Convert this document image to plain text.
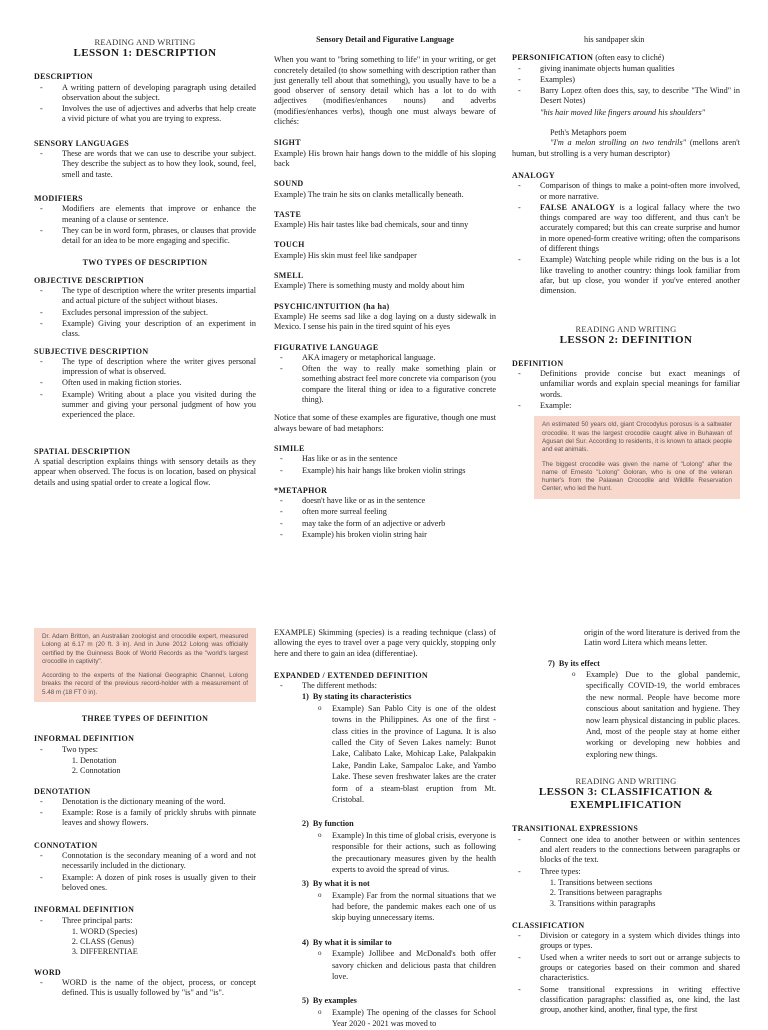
READING AND WRITING
LESSON 1: DESCRIPTION
DESCRIPTION
- A writing pattern of developing paragraph using detailed observation about the subject.
- Involves the use of adjectives and adverbs that help create a vivid picture of what you are trying to express.
SENSORY LANGUAGES
- These are words that we can use to describe your subject. They describe the subject as to how they look, sound, feel, smell and taste.
MODIFIERS
- Modifiers are elements that improve or enhance the meaning of a clause or sentence.
- They can be in word form, phrases, or clauses that provide detail for an idea to be more engaging and specific.
TWO TYPES OF DESCRIPTION
OBJECTIVE DESCRIPTION
- The type of description where the writer presents impartial and actual picture of the subject without biases.
- Excludes personal impression of the subject.
- Example) Giving your description of an experiment in class.
SUBJECTIVE DESCRIPTION
- The type of description where the writer gives personal impression of what is observed.
- Often used in making fiction stories.
- Example) Writing about a place you visited during the summer and giving your personal judgment of how you experienced the place.
SPATIAL DESCRIPTION

A spatial description explains things with sensory details as they appear when observed. The focus is on location, based on physical details and using spatial order to create a logical flow.

Sensory Detail and Figurative Language

When you want to "bring something to life" in your writing, or get concretely detailed (to show something with description rather than just generally tell about that something), you usually have to be a good observer of sensory detail which has a lot to do with adjectives (modifies/enhances nouns) and adverbs (modifies/enhances verbs), though one must always beware of clichés:

SIGHT

Example) His brown hair hangs down to the middle of his sloping back

SOUND

Example) The train he sits on clanks metallically beneath.

TASTE

Example) His hair tastes like bad chemicals, sour and tinny

TOUCH

Example) His skin must feel like sandpaper

SMELL

Example) There is something musty and moldy about him

PSYCHIC/INTUITION (ha ha)

Example) He seems sad like a dog laying on a dusty sidewalk in Mexico. I sense his pain in the tired squint of his eyes

FIGURATIVE LANGUAGE
- AKA imagery or metaphorical language.
- Often the way to really make something plain or something abstract feel more concrete via comparison (you compare the literal thing or idea to a figurative concrete thing).

Notice that some of these examples are figurative, though one must always beware of bad metaphors:

SIMILE
- Has like or as in the sentence
- Example) his hair hangs like broken violin strings
*METAPHOR
- doesn't have like or as in the sentence
- often more surreal feeling
- may take the form of an adjective or adverb
- Example) his broken violin string hair
his sandpaper skin
PERSONIFICATION (often easy to cliché)
- giving inanimate objects human qualities
- Examples)
- Barry Lopez often does this, say, to describe "The Wind" in Desert Notes)
"his hair moved like fingers around his shoulders"
Peth's Metaphors poem

"I'm a melon strolling on two tendrils" (mellons aren't human, but strolling is a very human descriptor)

ANALOGY
- Comparison of things to make a point-often more involved, or more narrative.
- FALSE ANALOGY is a logical fallacy where the two things compared are way too different, and thus can't be accurately compared; but this can create surprise and humor in more opened-form creative writing; often the comparisons of different things
- Example) Watching people while riding on the bus is a lot like traveling to another country: things look familiar from afar, but up close, you wonder if you've entered another dimension.
READING AND WRITING
LESSON 2: DEFINITION
DEFINITION
- Definitions provide concise but exact meanings of unfamiliar words and explain special meanings for familiar words.
- Example:

An estimated 50 years old, giant Crocodylus porosus is a saltwater crocodile. It was the largest crocodile caught alive in Buhawan of Agusan del Sur. According to residents, it is known to attack people and eat animals.

The biggest crocodile was given the name of "Lolong" after the name of Ernesto "Lolong" Goloran, who is one of the veteran hunter's from the Palawan Crocodile and Wildlife Reservation Center, who led the hunt.

Dr. Adam Britton, an Australian zoologist and crocodile expert, measured Lolong at 6.17 m (20 ft. 3 in). And in June 2012 Lolong was officially certified by the Guinness Book of World Records as the "world's largest crocodile in captivity".

According to the experts of the National Geographic Channel, Lolong breaks the record of the previous record-holder with a measurement of 5.48 m (18 FT 0 in).

THREE TYPES OF DEFINITION
INFORMAL DEFINITION
- Two types:
1. Denotation
2. Connotation
DENOTATION
- Denotation is the dictionary meaning of the word.
- Example: Rose is a family of prickly shrubs with pinnate leaves and showy flowers.
CONNOTATION
- Connotation is the secondary meaning of a word and not necessarily included in the dictionary.
- Example: A dozen of pink roses is usually given to their beloved ones.
INFORMAL DEFINITION
- Three principal parts:
1. WORD (Species)
2. CLASS (Genus)
3. DIFFERENTIAE
WORD
- WORD is the name of the object, process, or concept defined. This is usually followed by "is" and "is".

EXAMPLE) Skimming (species) is a reading technique (class) of allowing the eyes to travel over a page very quickly, stopping only here and there to gain an idea (differentiae).

EXPANDED / EXTENDED DEFINITION
- The different methods:
1) By stating its characteristics
o Example) San Pablo City is one of the oldest towns in the Philippines. As one of the first - class cities in the province of Laguna. It is also called the City of Seven Lakes namely: Bunot Lake, Calibato Lake, Mohicap Lake, Palakpakin Lake, Pandin Lake, Sampaloc Lake, and Yambo Lake. These seven freshwater lakes are the crater form of a steam-blast eruption from Mt. Cristobal.
2) By function
o Example) In this time of global crisis, everyone is responsible for their actions, such as following the precautionary measures given by the health experts to avoid the spread of virus.
3) By what it is not
o Example) Far from the normal situations that we had before, the pandemic makes each one of us skip buying unnecessary items.
4) By what it is similar to
o Example) Jollibee and McDonald's both offer savory chicken and delicious pasta that children love.
5) By examples
o Example) The opening of the classes for School Year 2020 - 2021 was moved to

origin of the word literature is derived from the Latin word Litera which means letter.

7) By its effect
o Example) Due to the global pandemic, specifically COVID-19, the world embraces the new normal. People have become more conscious about sanitation and hygiene. They now learn physical distancing in public places. And, most of the people stay at home either working or developing new hobbies and exploring new things.
READING AND WRITING
LESSON 3: CLASSIFICATION &
EXEMPLIFICATION
TRANSITIONAL EXPRESSIONS
- Connect one idea to another between or within sentences and alert readers to the connections between paragraphs or blocks of the text.
- Three types:
1. Transitions between sections
2. Transitions between paragraphs
3. Transitions within paragraphs
CLASSIFICATION
- Division or category in a system which divides things into groups or types.
- Used when a writer needs to sort out or arrange subjects to groups or categories based on their common and shared characteristics.
- Some transitional expressions in writing effective classification paragraphs: classified as, one kind, the last group, another kind, another, final type, the first
